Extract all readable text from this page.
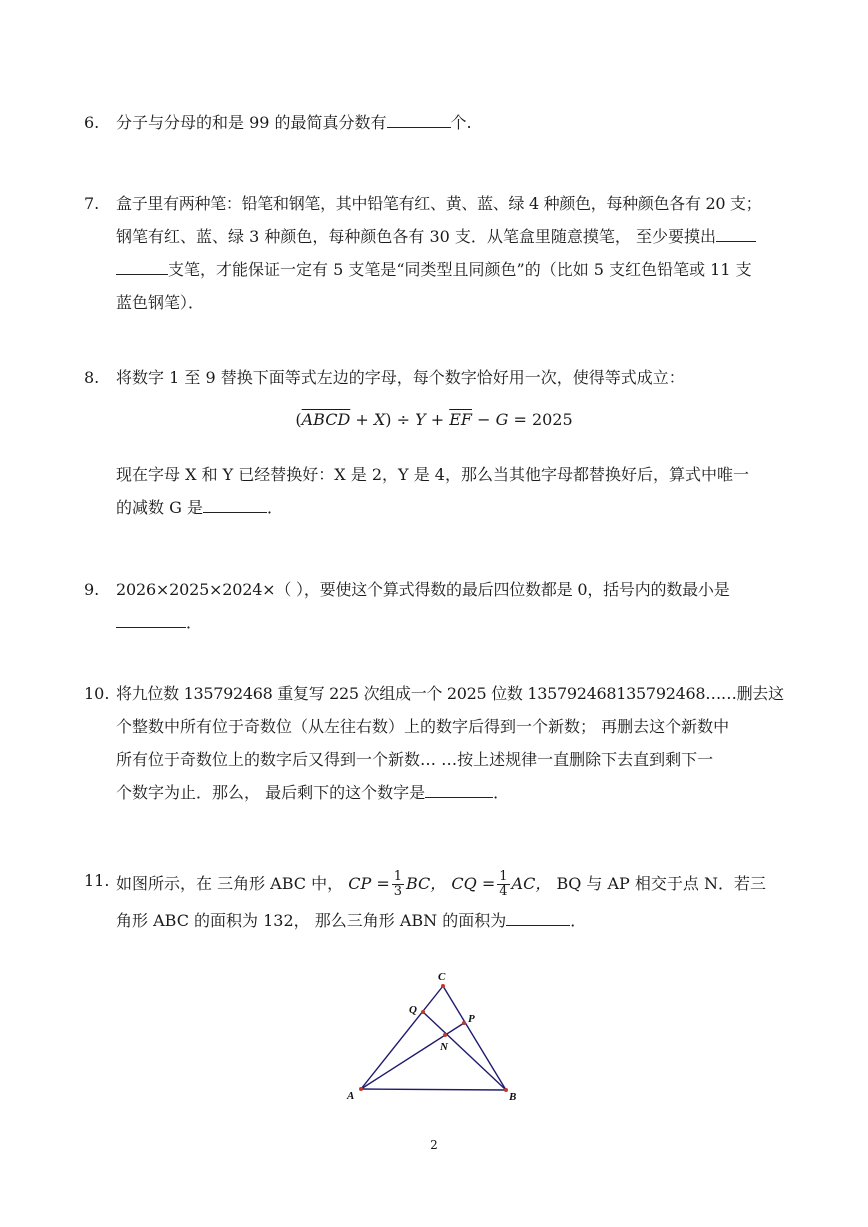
6. 分子与分母的和是 99 的最简真分数有	个.
7. 盒子里有两种笔：铅笔和钢笔，其中铅笔有红、黄、蓝、绿 4 种颜色，每种颜色各有 20 支；
钢笔有红、蓝、绿 3 种颜色，每种颜色各有 30 支．从笔盒里随意摸笔， 至少要摸出
支笔，才能保证一定有 5 支笔是“同类型且同颜色”的（比如 5 支红色铅笔或 11 支
蓝色钢笔）．
8. 将数字 1 至 9 替换下面等式左边的字母，每个数字恰好用一次，使得等式成立：
(ABCD + $X) \div Y + \overline{EF} - G = 2025$
现在字母 X 和 Y 已经替换好：X 是 2，Y 是 4，那么当其他字母都替换好后，算式中唯一
的减数 G 是	．
9. 2026×2025×2024×（ ），要使这个算式得数的最后四位数都是 0，括号内的数最小是
．
10. 将九位数 135792468 重复写 225 次组成一个 2025 位数 135792468135792468……删去这
个整数中所有位于奇数位（从左往右数）上的数字后得到一个新数； 再删去这个新数中
所有位于奇数位上的数字后又得到一个新数… …按上述规律一直删除下去直到剩下一
个数字为止．那么， 最后剩下的这个数字是	．
11. 如图所示，在 三角形 ABC 中， CP = $\frac{1}{3}$ BC， CQ = $\frac{1}{4}$ AC， BQ 与 AP 相交于点 N．若三
角形 ABC 的面积为 132， 那么三角形 ABN 的面积为	．
A	B
C
P
Q
N
2
